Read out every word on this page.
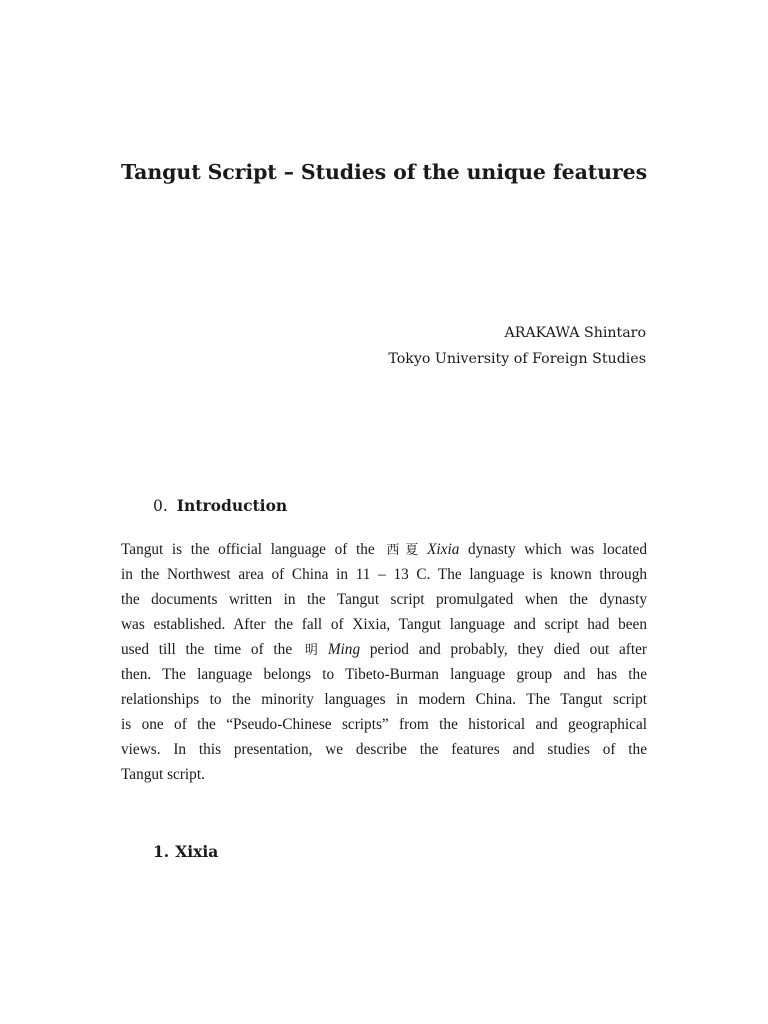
Tangut Script – Studies of the unique features
ARAKAWA Shintaro
Tokyo University of Foreign Studies
0. Introduction
Tangut is the official language of the 西夏 Xixia dynasty which was located
in the Northwest area of China in 11 – 13 C. The language is known through
the documents written in the Tangut script promulgated when the dynasty
was established. After the fall of Xixia, Tangut language and script had been
used till the time of the 明 Ming period and probably, they died out after
then. The language belongs to Tibeto-Burman language group and has the
relationships to the minority languages in modern China. The Tangut script
is one of the “Pseudo-Chinese scripts” from the historical and geographical
views. In this presentation, we describe the features and studies of the
Tangut script.
1. Xixia
